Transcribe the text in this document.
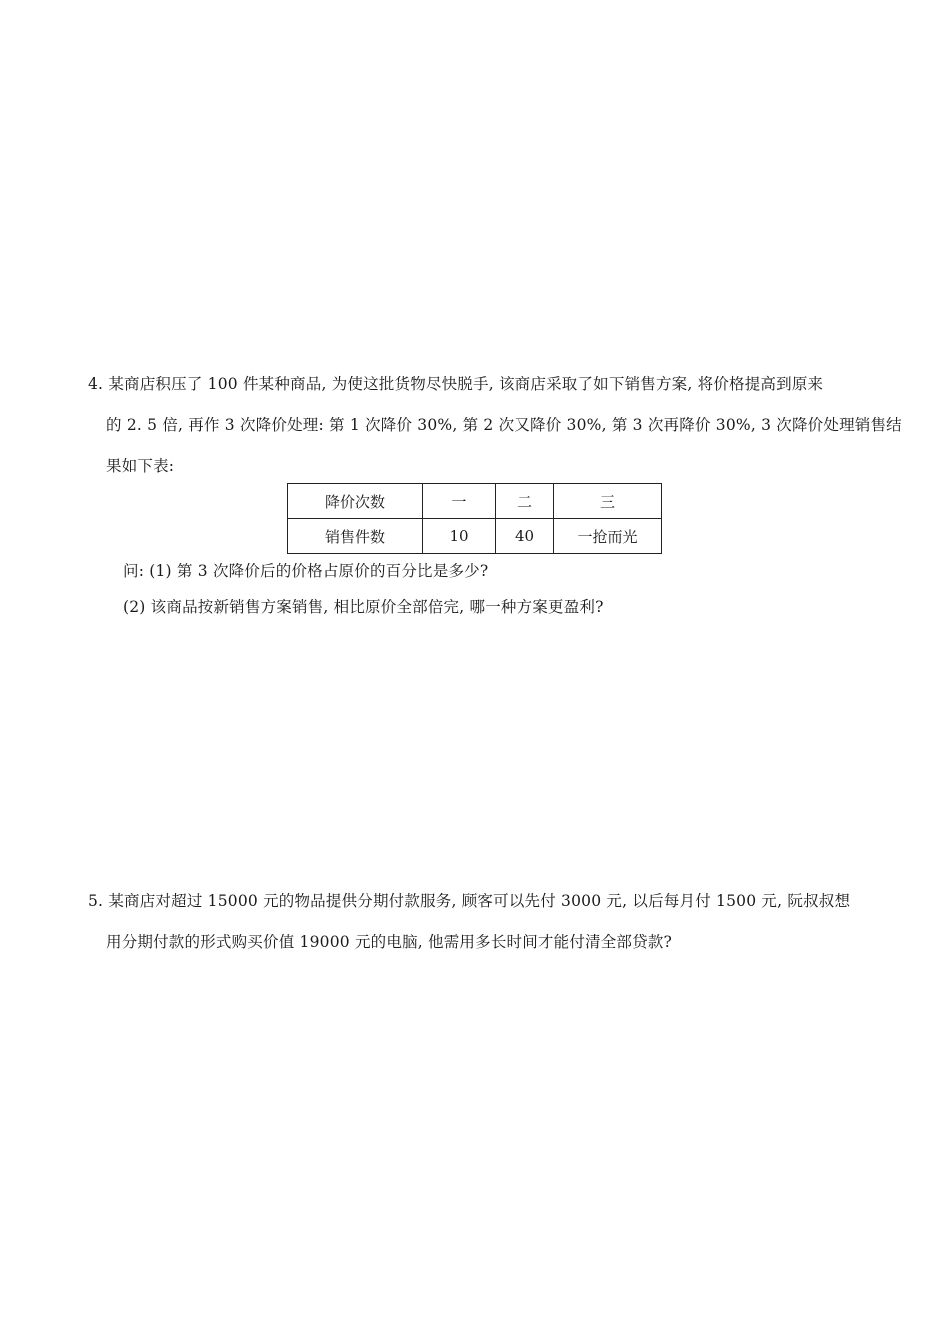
4. 某商店积压了 100 件某种商品, 为使这批货物尽快脱手, 该商店采取了如下销售方案, 将价格提高到原来
的 2. 5 倍, 再作 3 次降价处理: 第 1 次降价 30%, 第 2 次又降价 30%, 第 3 次再降价 30%, 3 次降价处理销售结
果如下表:
降价次数	一	二	三
销售件数	10	40	一抢而光
问: (1) 第 3 次降价后的价格占原价的百分比是多少?
(2) 该商品按新销售方案销售, 相比原价全部倍完, 哪一种方案更盈利?
5. 某商店对超过 15000 元的物品提供分期付款服务, 顾客可以先付 3000 元, 以后每月付 1500 元, 阮叔叔想
用分期付款的形式购买价值 19000 元的电脑, 他需用多长时间才能付清全部贷款?
